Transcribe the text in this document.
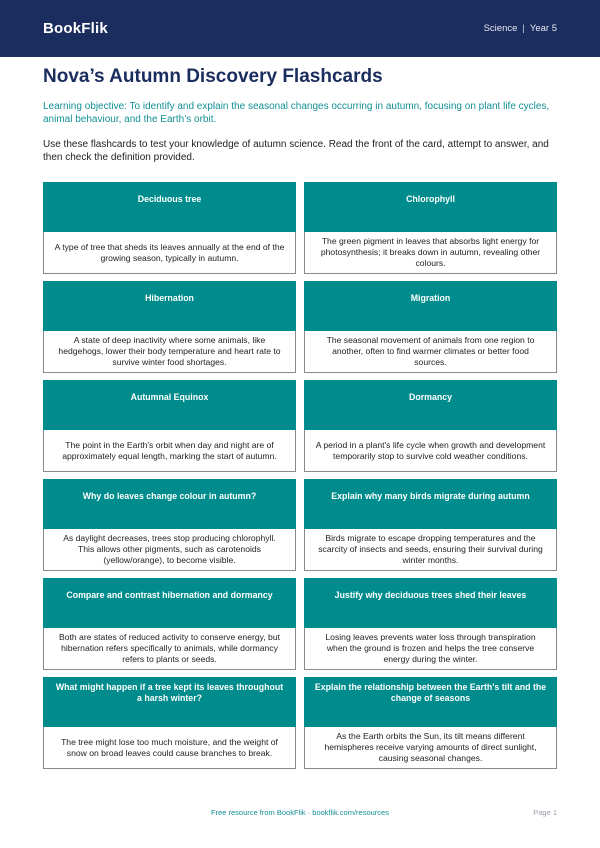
BookFlik	Science | Year 5
Nova’s Autumn Discovery Flashcards

Learning objective: To identify and explain the seasonal changes occurring in autumn, focusing on plant life cycles, animal behaviour, and the Earth’s orbit.

Use these flashcards to test your knowledge of autumn science. Read the front of the card, attempt to answer, and then check the definition provided.

Deciduous tree
A type of tree that sheds its leaves annually at the end of the growing season, typically in autumn.
Chlorophyll
The green pigment in leaves that absorbs light energy for photosynthesis; it breaks down in autumn, revealing other colours.
Hibernation
A state of deep inactivity where some animals, like hedgehogs, lower their body temperature and heart rate to survive winter food shortages.
Migration
The seasonal movement of animals from one region to another, often to find warmer climates or better food sources.
Autumnal Equinox
The point in the Earth's orbit when day and night are of approximately equal length, marking the start of autumn.
Dormancy
A period in a plant's life cycle when growth and development temporarily stop to survive cold weather conditions.
Why do leaves change colour in autumn?
As daylight decreases, trees stop producing chlorophyll. This allows other pigments, such as carotenoids (yellow/orange), to become visible.
Explain why many birds migrate during autumn
Birds migrate to escape dropping temperatures and the scarcity of insects and seeds, ensuring their survival during winter months.
Compare and contrast hibernation and dormancy
Both are states of reduced activity to conserve energy, but hibernation refers specifically to animals, while dormancy refers to plants or seeds.
Justify why deciduous trees shed their leaves
Losing leaves prevents water loss through transpiration when the ground is frozen and helps the tree conserve energy during the winter.
What might happen if a tree kept its leaves throughout a harsh winter?
The tree might lose too much moisture, and the weight of snow on broad leaves could cause branches to break.
Explain the relationship between the Earth's tilt and the change of seasons
As the Earth orbits the Sun, its tilt means different hemispheres receive varying amounts of direct sunlight, causing seasonal changes.
Free resource from BookFlik · bookflik.com/resources	Page 1
